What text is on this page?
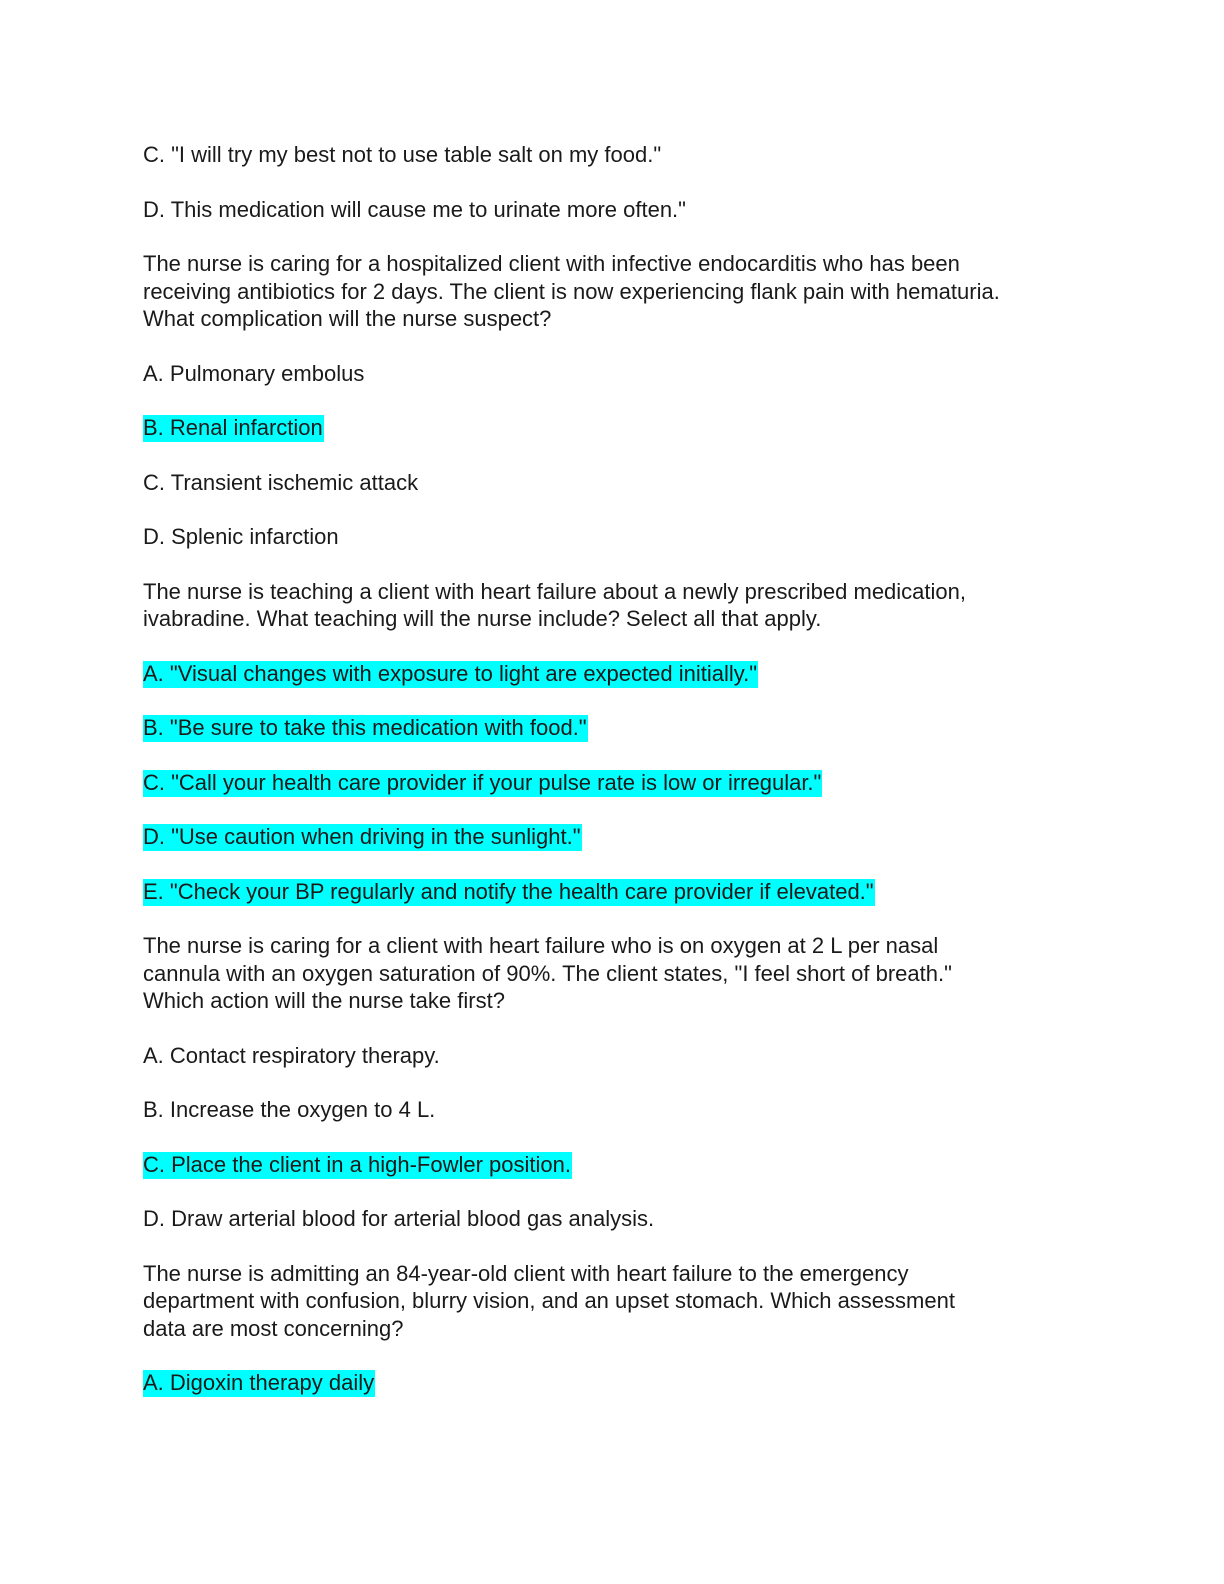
C. "I will try my best not to use table salt on my food."
D. This medication will cause me to urinate more often."
The nurse is caring for a hospitalized client with infective endocarditis who has been
receiving antibiotics for 2 days. The client is now experiencing flank pain with hematuria.
What complication will the nurse suspect?
A. Pulmonary embolus
B. Renal infarction
C. Transient ischemic attack
D. Splenic infarction
The nurse is teaching a client with heart failure about a newly prescribed medication,
ivabradine. What teaching will the nurse include? Select all that apply.
A. "Visual changes with exposure to light are expected initially."
B. "Be sure to take this medication with food."
C. "Call your health care provider if your pulse rate is low or irregular."
D. "Use caution when driving in the sunlight."
E. "Check your BP regularly and notify the health care provider if elevated."
The nurse is caring for a client with heart failure who is on oxygen at 2 L per nasal
cannula with an oxygen saturation of 90%. The client states, "I feel short of breath."
Which action will the nurse take first?
A. Contact respiratory therapy.
B. Increase the oxygen to 4 L.
C. Place the client in a high-Fowler position.
D. Draw arterial blood for arterial blood gas analysis.
The nurse is admitting an 84-year-old client with heart failure to the emergency
department with confusion, blurry vision, and an upset stomach. Which assessment
data are most concerning?
A. Digoxin therapy daily
